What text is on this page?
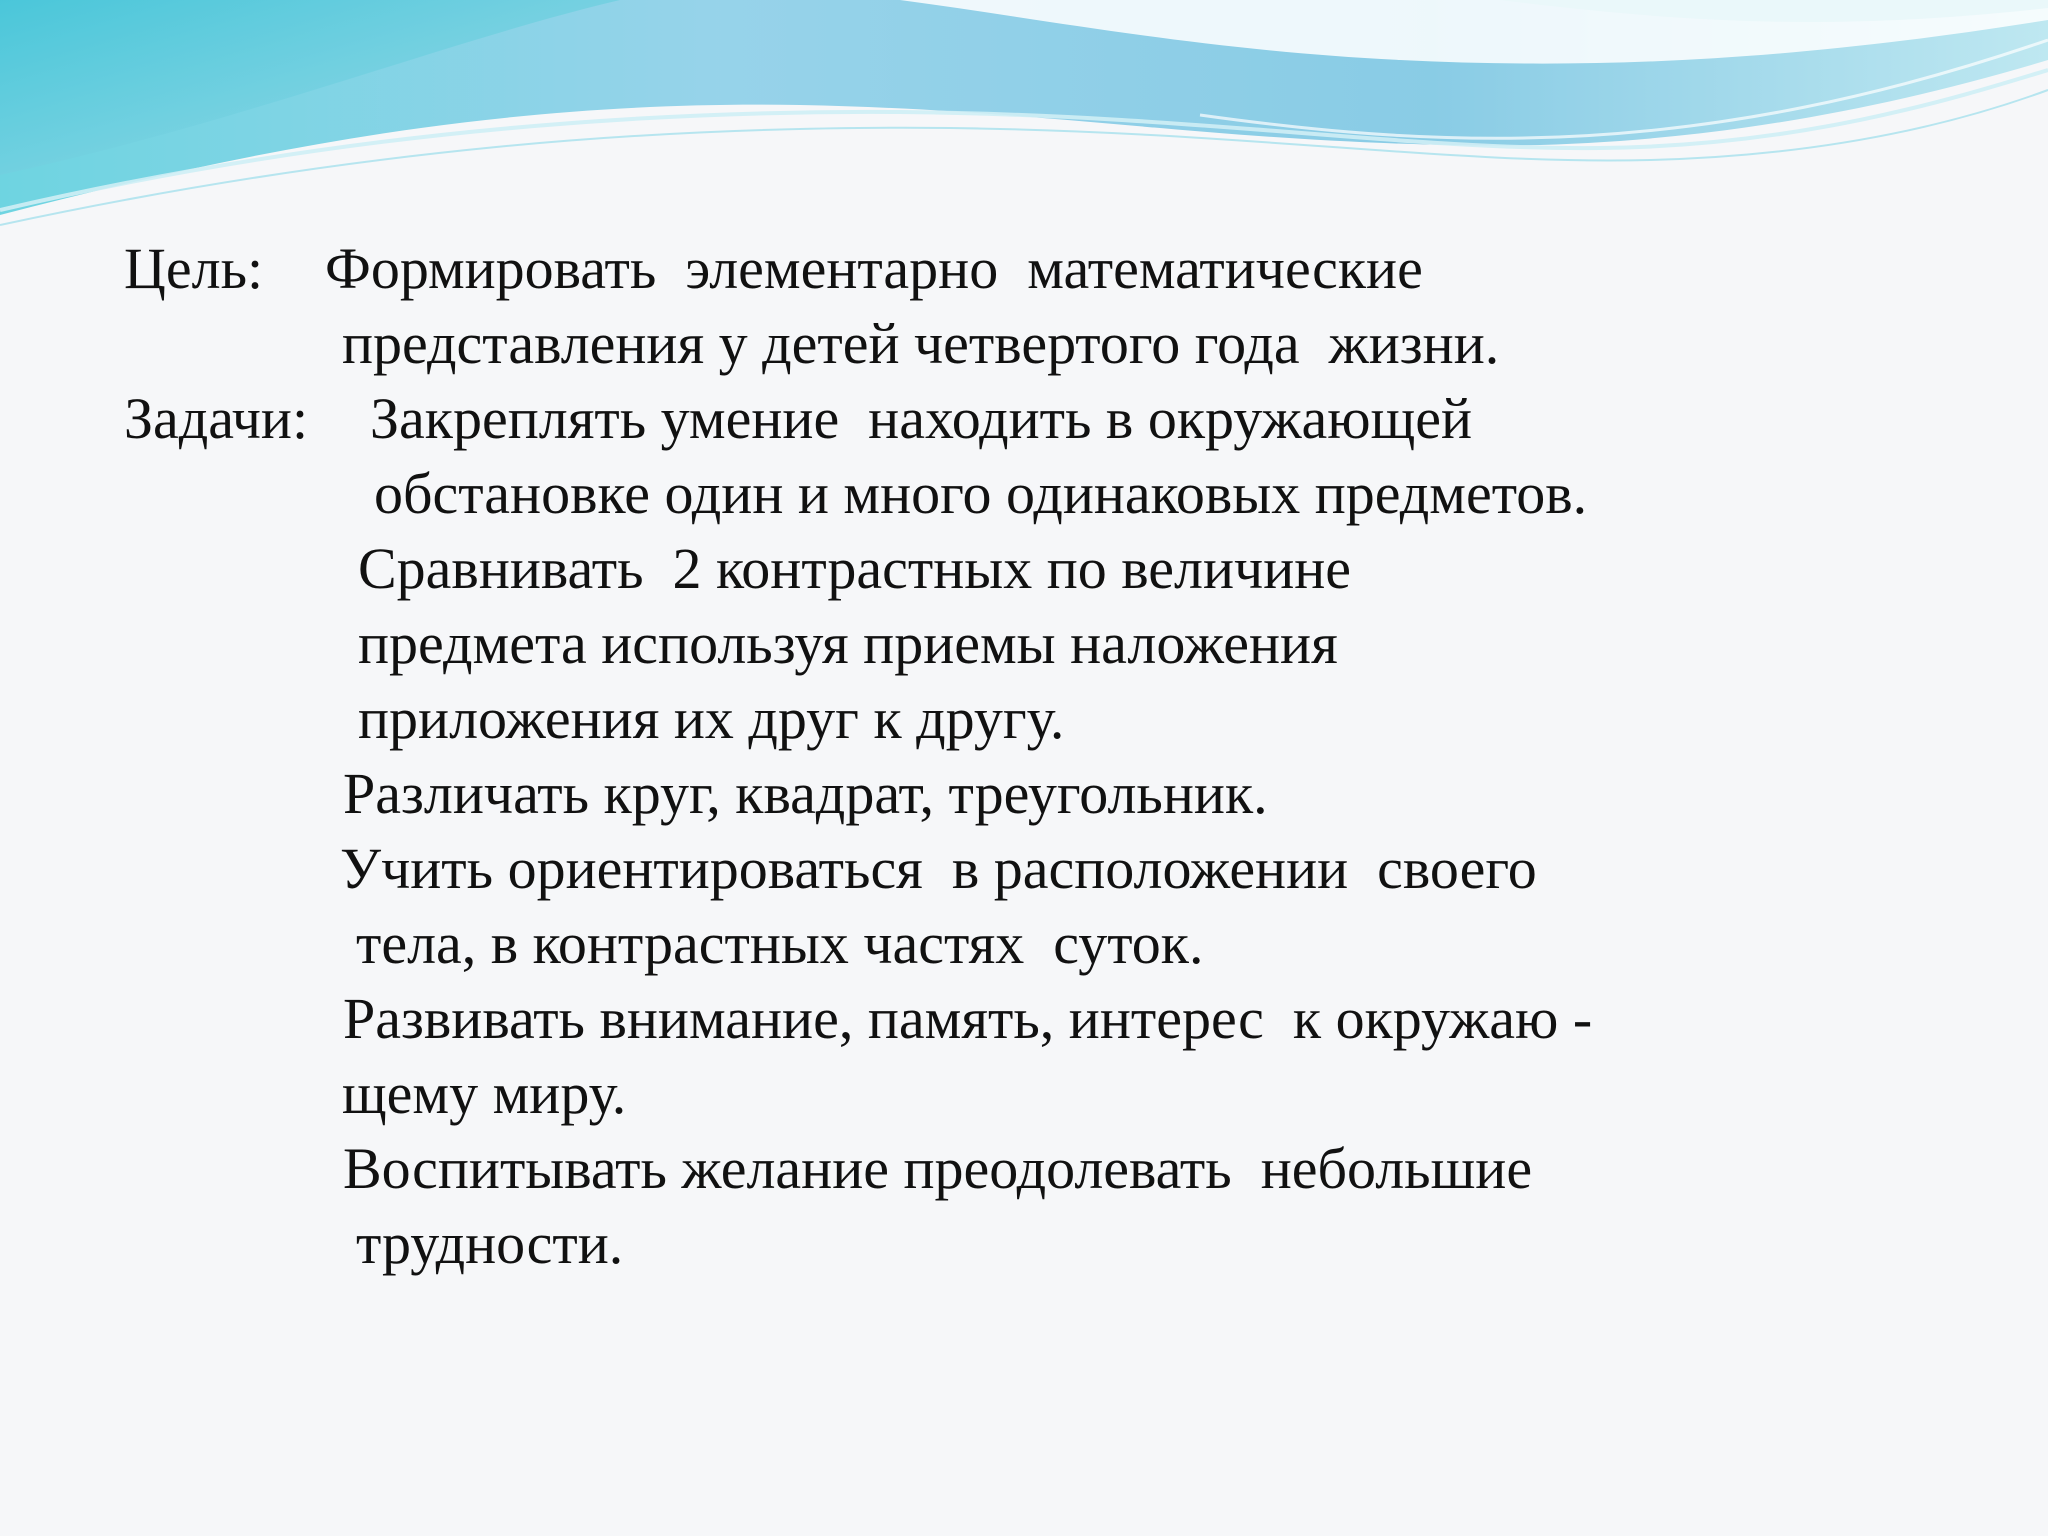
Цель: Формировать  элементарно  математические
представления у детей четвертого года  жизни.
Задачи: Закреплять умение  находить в окружающей
обстановке один и много одинаковых предметов.
Сравнивать  2 контрастных по величине
предмета используя приемы наложения
приложения их друг к другу.
Различать круг, квадрат, треугольник.
Учить ориентироваться  в расположении  своего
тела, в контрастных частях  суток.
Развивать внимание, память, интерес  к окружаю -
щему миру.
Воспитывать желание преодолевать  небольшие
трудности.
